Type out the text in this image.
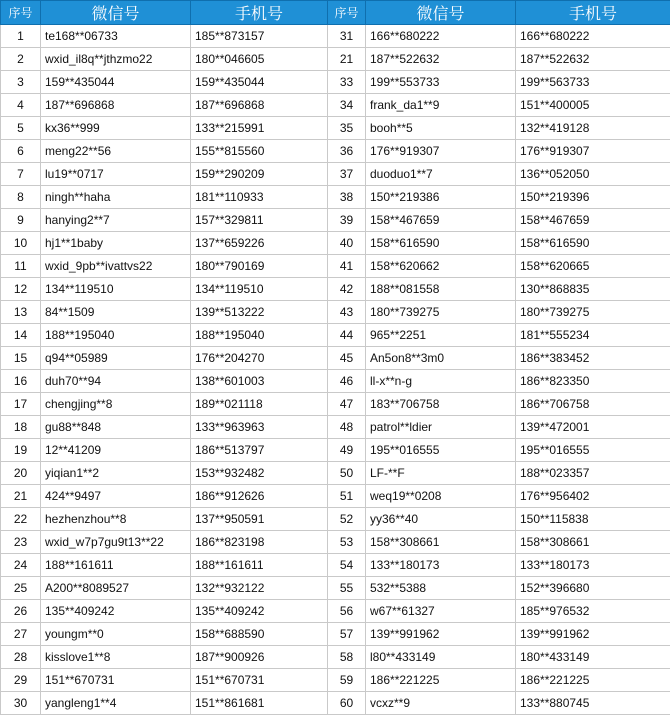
序号	微信号	手机号	序号	微信号	手机号
1	te168**06733	185**873157	31	166**680222	166**680222
2	wxid_il8q**jthzmo22	180**046605	21	187**522632	187**522632
3	159**435044	159**435044	33	199**553733	199**563733
4	187**696868	187**696868	34	frank_da1**9	151**400005
5	kx36**999	133**215991	35	booh**5	132**419128
6	meng22**56	155**815560	36	176**919307	176**919307
7	lu19**0717	159**290209	37	duoduo1**7	136**052050
8	ningh**haha	181**110933	38	150**219386	150**219396
9	hanying2**7	157**329811	39	158**467659	158**467659
10	hj1**1baby	137**659226	40	158**616590	158**616590
11	wxid_9pb**ivattvs22	180**790169	41	158**620662	158**620665
12	134**119510	134**119510	42	188**081558	130**868835
13	84**1509	139**513222	43	180**739275	180**739275
14	188**195040	188**195040	44	965**2251	181**555234
15	q94**05989	176**204270	45	An5on8**3m0	186**383452
16	duh70**94	138**601003	46	ll-x**n-g	186**823350
17	chengjing**8	189**021118	47	183**706758	186**706758
18	gu88**848	133**963963	48	patrol**ldier	139**472001
19	12**41209	186**513797	49	195**016555	195**016555
20	yiqian1**2	153**932482	50	LF-**F	188**023357
21	424**9497	186**912626	51	weq19**0208	176**956402
22	hezhenzhou**8	137**950591	52	yy36**40	150**115838
23	wxid_w7p7gu9t13**22	186**823198	53	158**308661	158**308661
24	188**161611	188**161611	54	133**180173	133**180173
25	A200**8089527	132**932122	55	532**5388	152**396680
26	135**409242	135**409242	56	w67**61327	185**976532
27	youngm**0	158**688590	57	139**991962	139**991962
28	kisslove1**8	187**900926	58	l80**433149	180**433149
29	151**670731	151**670731	59	186**221225	186**221225
30	yangleng1**4	151**861681	60	vcxz**9	133**880745
